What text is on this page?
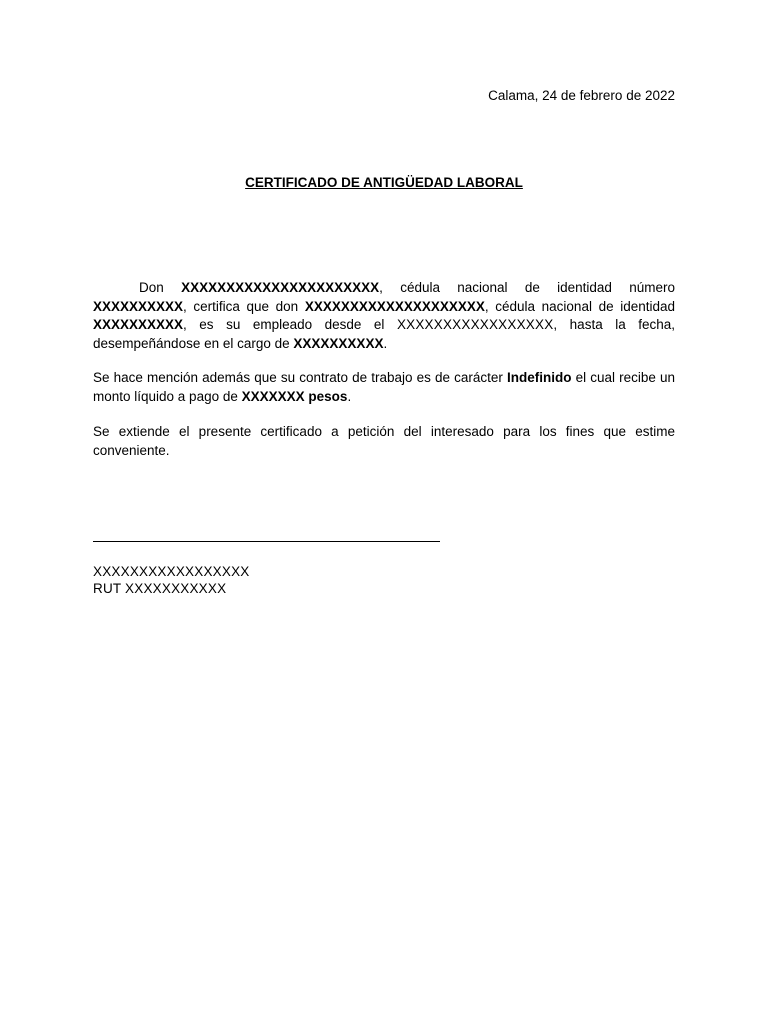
Calama, 24 de febrero de 2022
CERTIFICADO DE ANTIGÜEDAD LABORAL
Don XXXXXXXXXXXXXXXXXXXXXX, cédula nacional de identidad número XXXXXXXXXX, certifica que don XXXXXXXXXXXXXXXXXXXX, cédula nacional de identidad XXXXXXXXXX, es su empleado desde el XXXXXXXXXXXXXXXXX, hasta la fecha, desempeñándose en el cargo de XXXXXXXXXX.
Se hace mención además que su contrato de trabajo es de carácter Indefinido el cual recibe un monto líquido a pago de XXXXXXX pesos.
Se extiende el presente certificado a petición del interesado para los fines que estime conveniente.
XXXXXXXXXXXXXXXXX
RUT XXXXXXXXXXX
